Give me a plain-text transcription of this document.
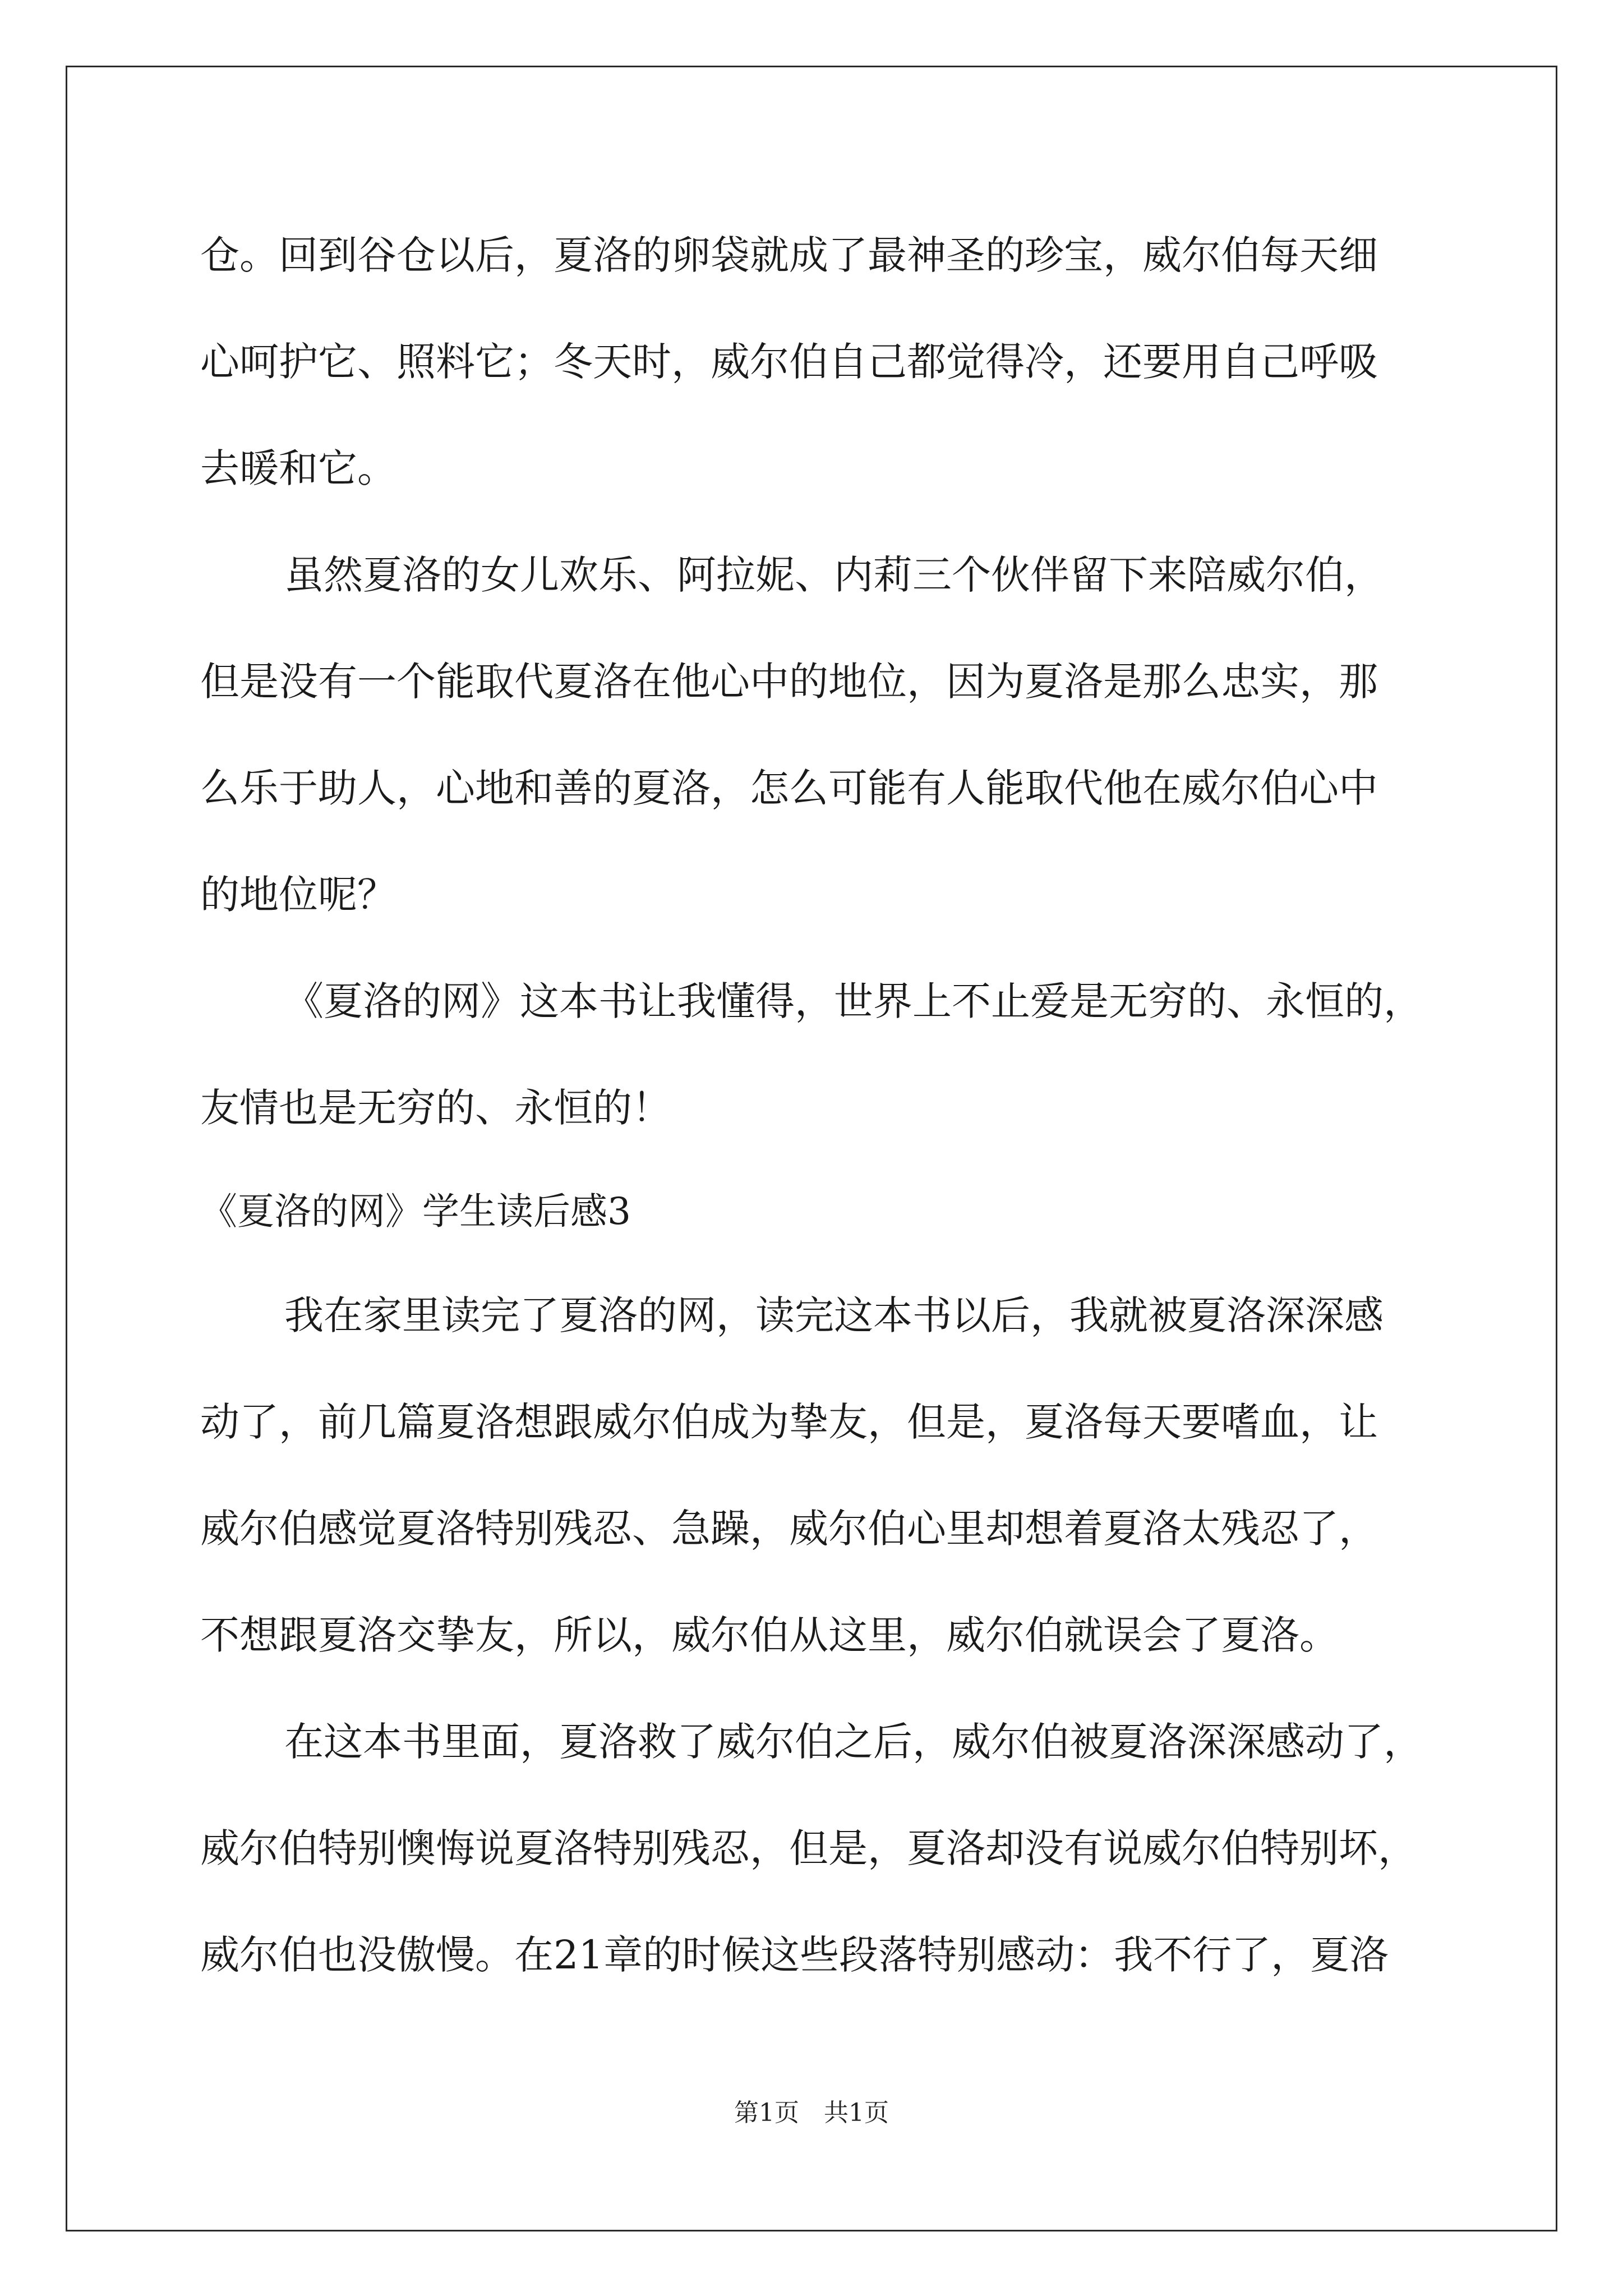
仓。回到谷仓以后，夏洛的卵袋就成了最神圣的珍宝，威尔伯每天细
心呵护它、照料它；冬天时，威尔伯自己都觉得冷，还要用自己呼吸
去暖和它。
虽然夏洛的女儿欢乐、阿拉妮、内莉三个伙伴留下来陪威尔伯，
但是没有一个能取代夏洛在他心中的地位，因为夏洛是那么忠实，那
么乐于助人，心地和善的夏洛，怎么可能有人能取代他在威尔伯心中
的地位呢？
《夏洛的网》这本书让我懂得，世界上不止爱是无穷的、永恒的，
友情也是无穷的、永恒的！
《夏洛的网》学生读后感3
我在家里读完了夏洛的网，读完这本书以后，我就被夏洛深深感
动了，前几篇夏洛想跟威尔伯成为挚友，但是，夏洛每天要嗜血，让
威尔伯感觉夏洛特别残忍、急躁，威尔伯心里却想着夏洛太残忍了，
不想跟夏洛交挚友，所以，威尔伯从这里，威尔伯就误会了夏洛。
在这本书里面，夏洛救了威尔伯之后，威尔伯被夏洛深深感动了，
威尔伯特别懊悔说夏洛特别残忍，但是，夏洛却没有说威尔伯特别坏，
威尔伯也没傲慢。在21章的时候这些段落特别感动：我不行了，夏洛
第1页　共1页
